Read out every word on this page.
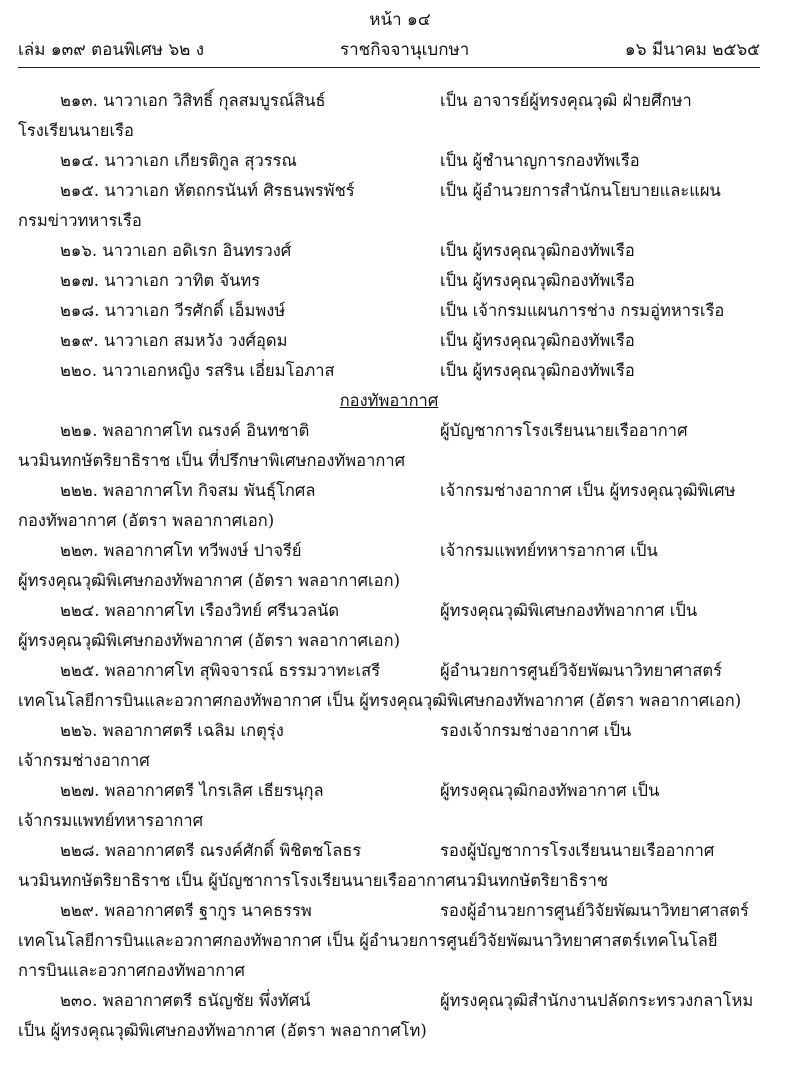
หน้า ๑๔
เล่ม ๑๓๙ ตอนพิเศษ ๖๒ ง	ราชกิจจานุเบกษา	๑๖ มีนาคม ๒๕๖๕
๒๑๓. นาวาเอก วิสิทธิ์ กุลสมบูรณ์สินธ์	เป็น อาจารย์ผู้ทรงคุณวุฒิ ฝ่ายศึกษา
โรงเรียนนายเรือ
๒๑๔. นาวาเอก เกียรติกูล สุวรรณ	เป็น ผู้ชำนาญการกองทัพเรือ
๒๑๕. นาวาเอก หัตถกรนันท์ ศิรธนพรพัชร์	เป็น ผู้อำนวยการสำนักนโยบายและแผน
กรมข่าวทหารเรือ
๒๑๖. นาวาเอก อดิเรก อินทรวงศ์	เป็น ผู้ทรงคุณวุฒิกองทัพเรือ
๒๑๗. นาวาเอก วาทิต จันทร	เป็น ผู้ทรงคุณวุฒิกองทัพเรือ
๒๑๘. นาวาเอก วีรศักดิ์ เอ็มพงษ์	เป็น เจ้ากรมแผนการช่าง กรมอู่ทหารเรือ
๒๑๙. นาวาเอก สมหวัง วงศ์อุดม	เป็น ผู้ทรงคุณวุฒิกองทัพเรือ
๒๒๐. นาวาเอกหญิง รสริน เอี่ยมโอภาส	เป็น ผู้ทรงคุณวุฒิกองทัพเรือ
กองทัพอากาศ
๒๒๑. พลอากาศโท ณรงค์ อินทชาติ	ผู้บัญชาการโรงเรียนนายเรืออากาศ
นวมินทกษัตริยาธิราช เป็น ที่ปรึกษาพิเศษกองทัพอากาศ
๒๒๒. พลอากาศโท กิจสม พันธุ์โกศล	เจ้ากรมช่างอากาศ เป็น ผู้ทรงคุณวุฒิพิเศษ
กองทัพอากาศ (อัตรา พลอากาศเอก)
๒๒๓. พลอากาศโท ทวีพงษ์ ปาจรีย์	เจ้ากรมแพทย์ทหารอากาศ เป็น
ผู้ทรงคุณวุฒิพิเศษกองทัพอากาศ (อัตรา พลอากาศเอก)
๒๒๔. พลอากาศโท เรืองวิทย์ ศรีนวลนัด	ผู้ทรงคุณวุฒิพิเศษกองทัพอากาศ เป็น
ผู้ทรงคุณวุฒิพิเศษกองทัพอากาศ (อัตรา พลอากาศเอก)
๒๒๕. พลอากาศโท สุพิจจารณ์ ธรรมวาทะเสรี	ผู้อำนวยการศูนย์วิจัยพัฒนาวิทยาศาสตร์
เทคโนโลยีการบินและอวกาศกองทัพอากาศ เป็น ผู้ทรงคุณวุฒิพิเศษกองทัพอากาศ (อัตรา พลอากาศเอก)
๒๒๖. พลอากาศตรี เฉลิม เกตุรุ่ง	รองเจ้ากรมช่างอากาศ เป็น
เจ้ากรมช่างอากาศ
๒๒๗. พลอากาศตรี ไกรเลิศ เธียรนุกุล	ผู้ทรงคุณวุฒิกองทัพอากาศ เป็น
เจ้ากรมแพทย์ทหารอากาศ
๒๒๘. พลอากาศตรี ณรงค์ศักดิ์ พิชิตชโลธร	รองผู้บัญชาการโรงเรียนนายเรืออากาศ
นวมินทกษัตริยาธิราช เป็น ผู้บัญชาการโรงเรียนนายเรืออากาศนวมินทกษัตริยาธิราช
๒๒๙. พลอากาศตรี ฐากูร นาคธรรพ	รองผู้อำนวยการศูนย์วิจัยพัฒนาวิทยาศาสตร์
เทคโนโลยีการบินและอวกาศกองทัพอากาศ เป็น ผู้อำนวยการศูนย์วิจัยพัฒนาวิทยาศาสตร์เทคโนโลยี
การบินและอวกาศกองทัพอากาศ
๒๓๐. พลอากาศตรี ธนัญชัย พึ่งทัศน์	ผู้ทรงคุณวุฒิสำนักงานปลัดกระทรวงกลาโหม
เป็น ผู้ทรงคุณวุฒิพิเศษกองทัพอากาศ (อัตรา พลอากาศโท)
